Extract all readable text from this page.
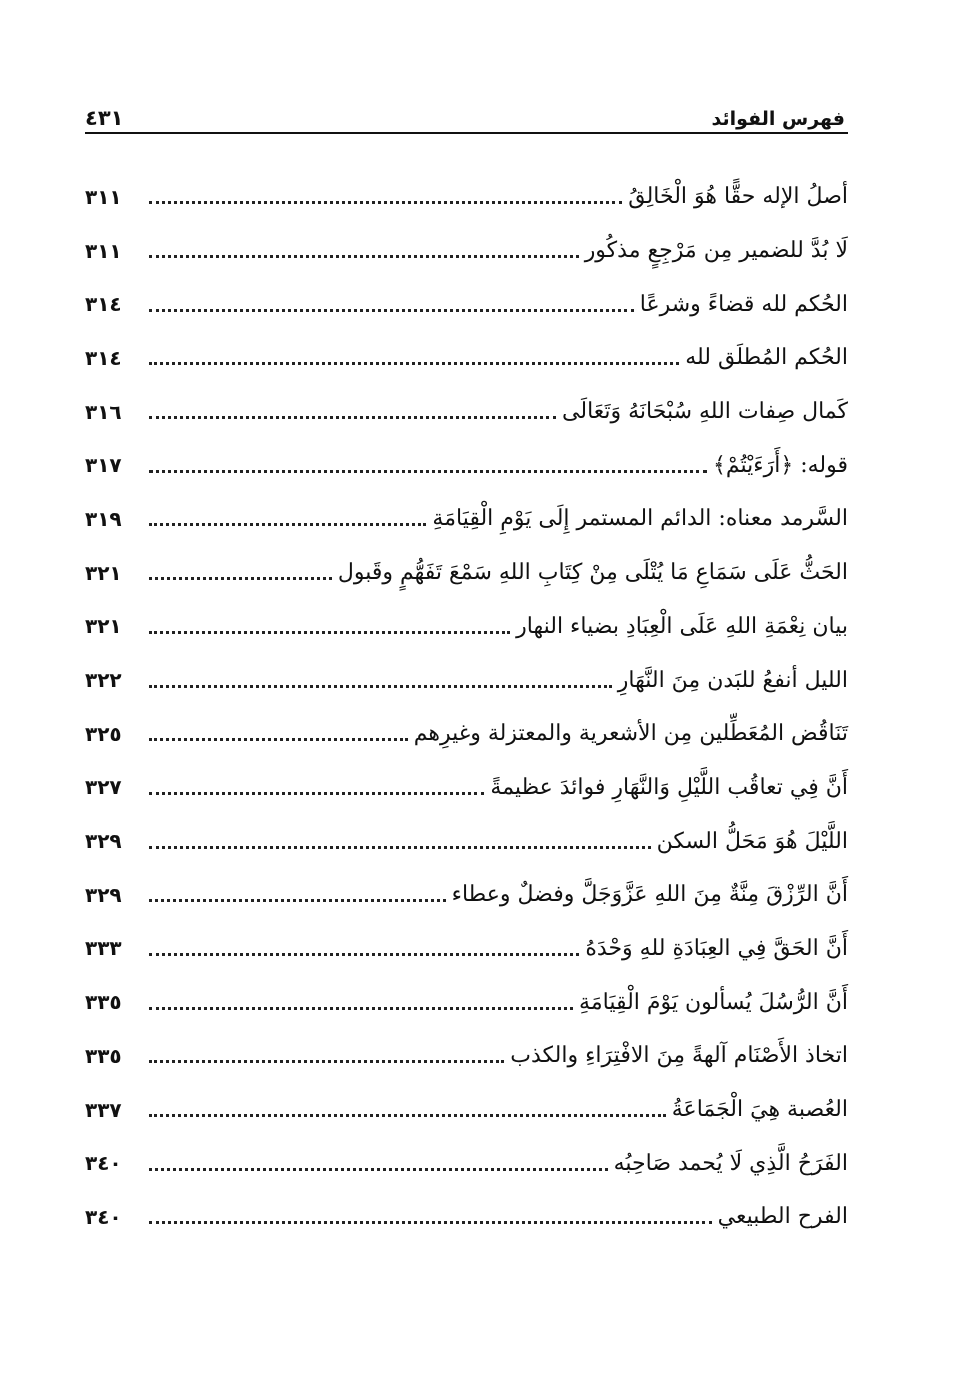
فهرس الفوائد
٤٣١
أصلُ الإله حقًّا هُوَ الْخَالِقُ
٣١١
لَا بُدَّ للضمير مِن مَرْجِعٍ مذكُور
٣١١
الحُكم لله قضاءً وشرعًا
٣١٤
الحُكم المُطلَق لله
٣١٤
كَمال صِفات اللهِ سُبْحَانَهُ وَتَعَالَى
٣١٦
قوله: ﴿أَرَءَيْتُمْ﴾
٣١٧
السَّرمد معناه: الدائم المستمر إِلَى يَوْمِ الْقِيَامَةِ
٣١٩
الحَثُّ عَلَى سَمَاعِ مَا يُتْلَى مِنْ كِتَابِ اللهِ سَمْعَ تَفَهُّمٍ وقَبول
٣٢١
بيان نِعْمَةِ اللهِ عَلَى الْعِبَادِ بضياء النهار
٣٢١
الليل أنفعُ للبَدن مِنَ النَّهَارِ
٣٢٢
تَنَاقُض المُعَطِّلين مِن الأشعرية والمعتزلة وغيرِهم
٣٢٥
أَنَّ فِي تعاقُب اللَّيْلِ وَالنَّهَارِ فوائدَ عظيمةً
٣٢٧
اللَّيْلَ هُوَ مَحَلُّ السكن
٣٢٩
أَنَّ الرِّزْقَ مِنَّةٌ مِنَ اللهِ عَزَّوَجَلَّ وفضلٌ وعطاء
٣٢٩
أَنَّ الحَقَّ فِي العِبَادَةِ للهِ وَحْدَهُ
٣٣٣
أَنَّ الرُّسُلَ يُسألون يَوْمَ الْقِيَامَةِ
٣٣٥
اتخاذ الأَصْنَام آلهةً مِنَ الافْتِرَاءِ والكذب
٣٣٥
العُصبة هِيَ الْجَمَاعَةُ
٣٣٧
الفَرَحُ الَّذِي لَا يُحمد صَاحِبُه
٣٤٠
الفرح الطبيعي
٣٤٠
